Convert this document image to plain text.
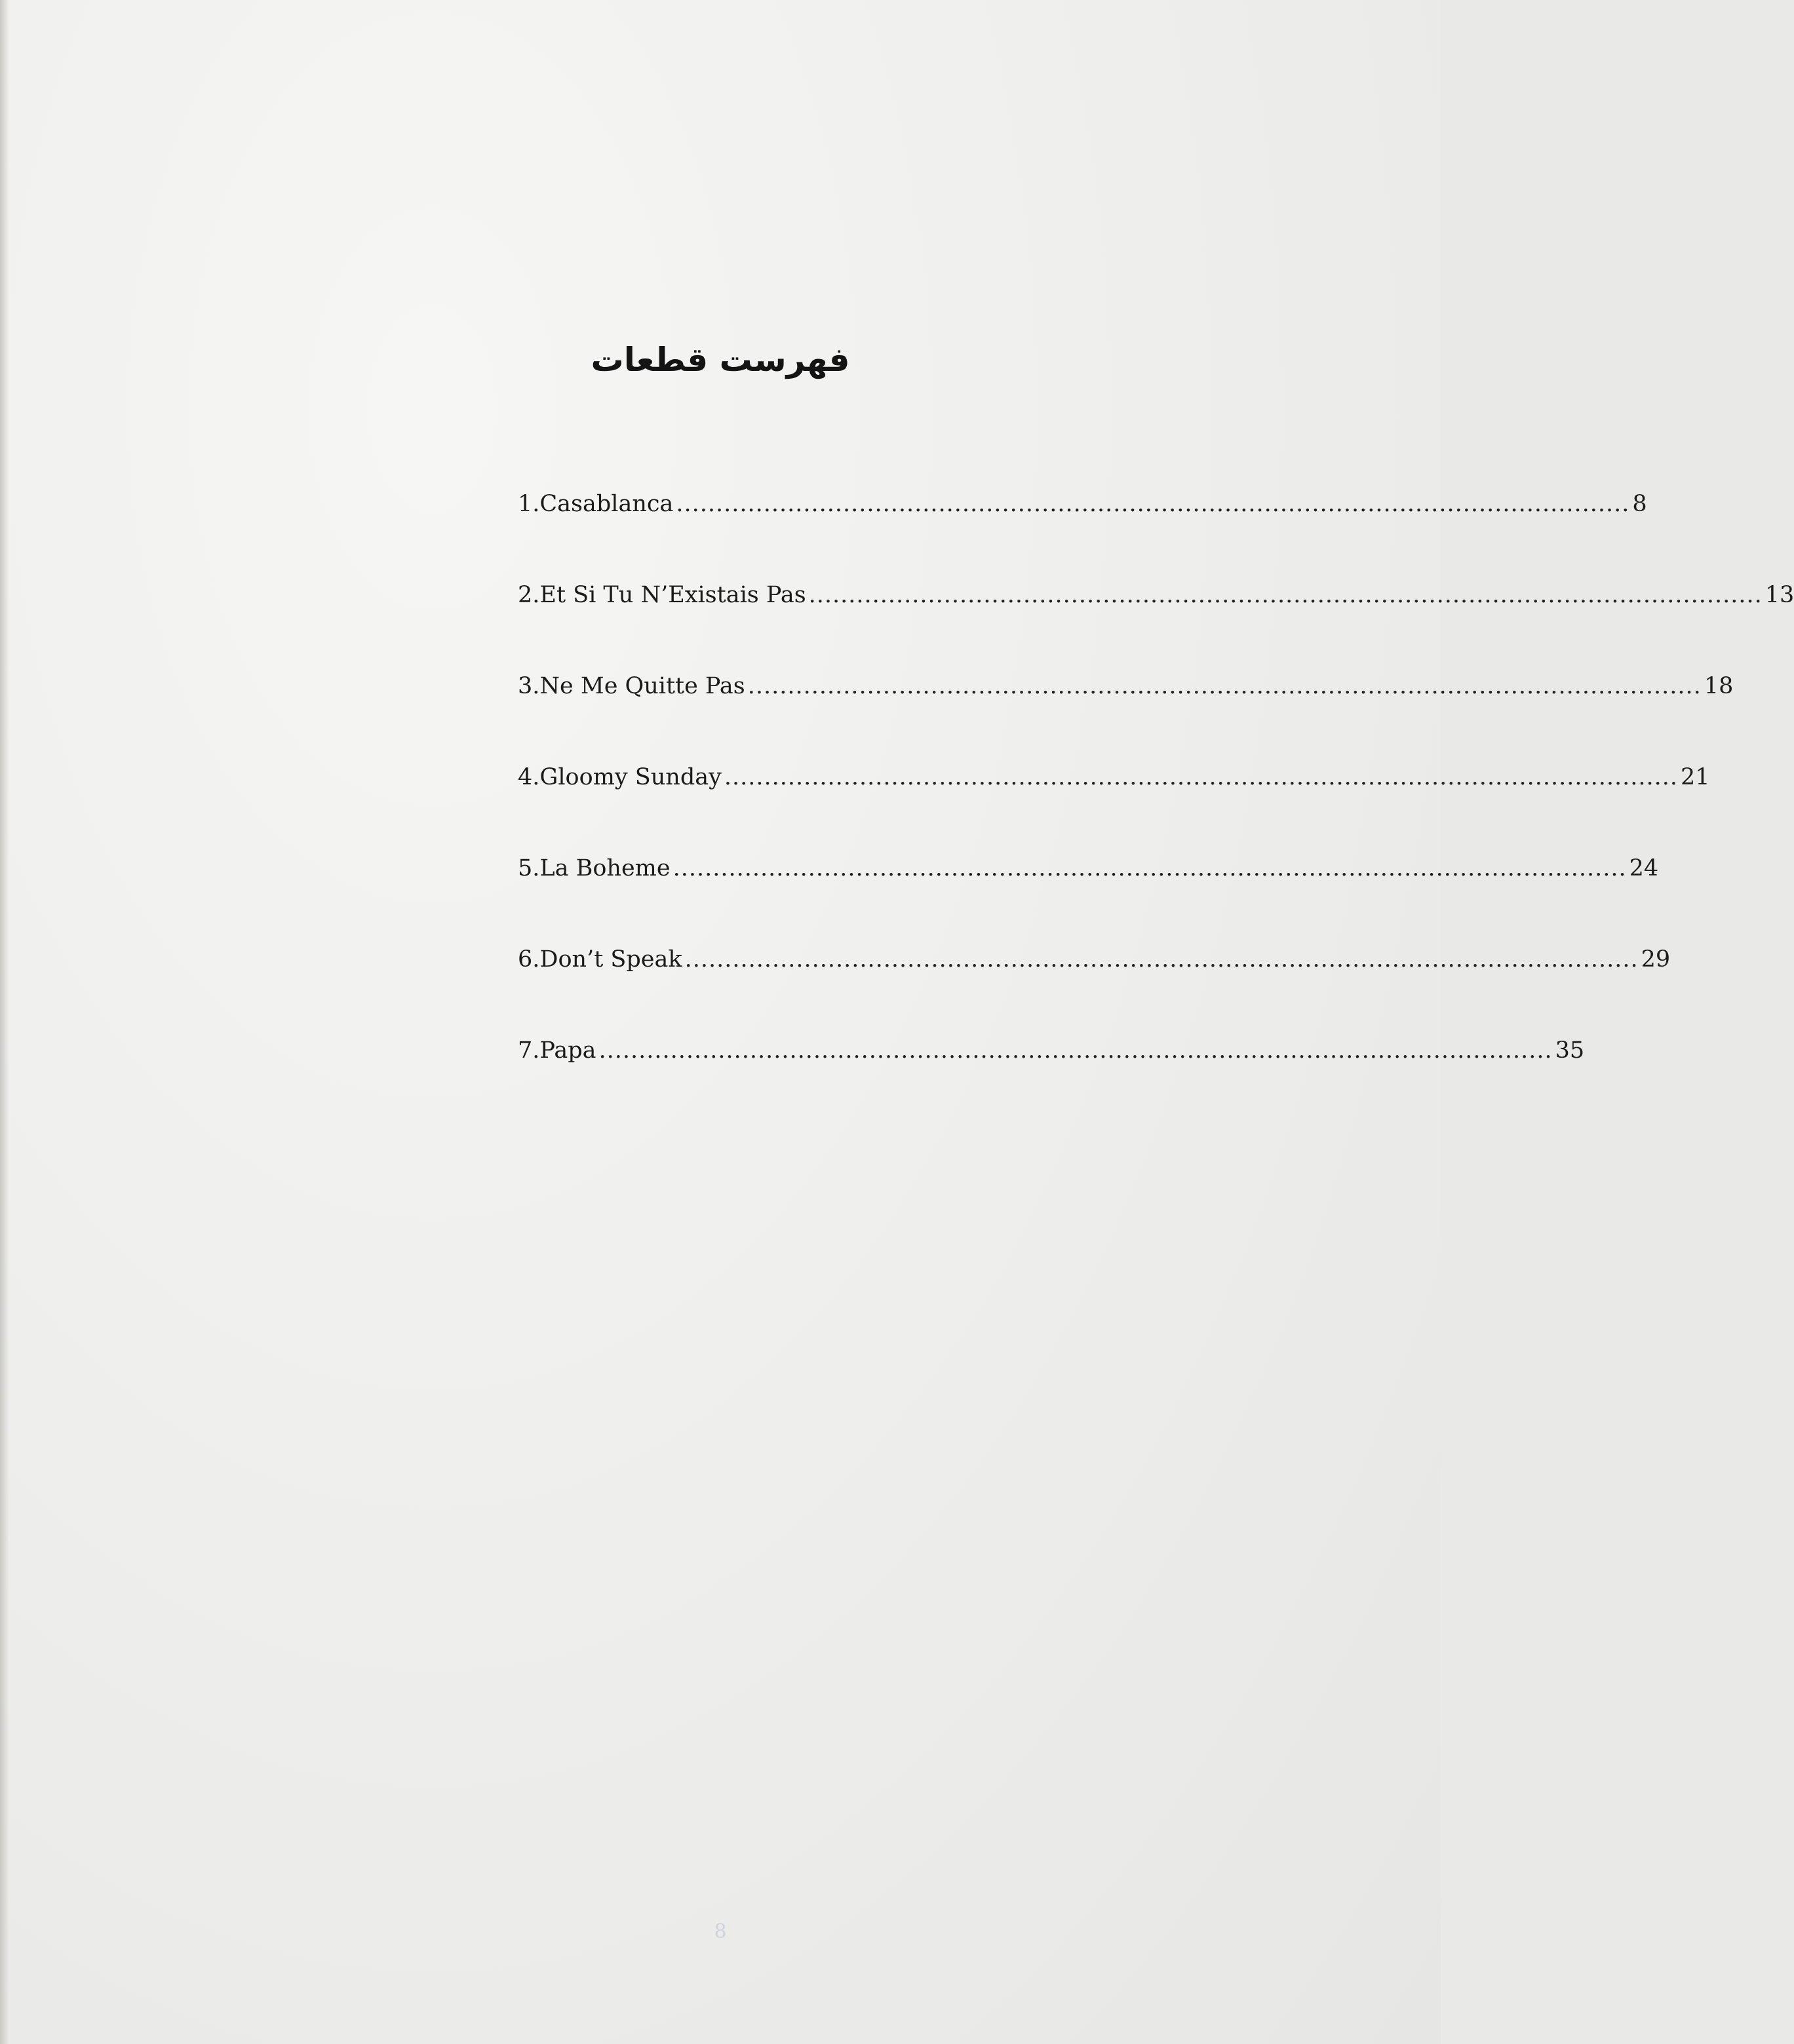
فهرست قطعات
1.Casablanca ........................................................................................................................ 8
2.Et Si Tu N’Existais Pas ........................................................................................................................ 13
3.Ne Me Quitte Pas ........................................................................................................................ 18
4.Gloomy Sunday ........................................................................................................................ 21
5.La Boheme ........................................................................................................................ 24
6.Don’t Speak ........................................................................................................................ 29
7.Papa ........................................................................................................................ 35
8
